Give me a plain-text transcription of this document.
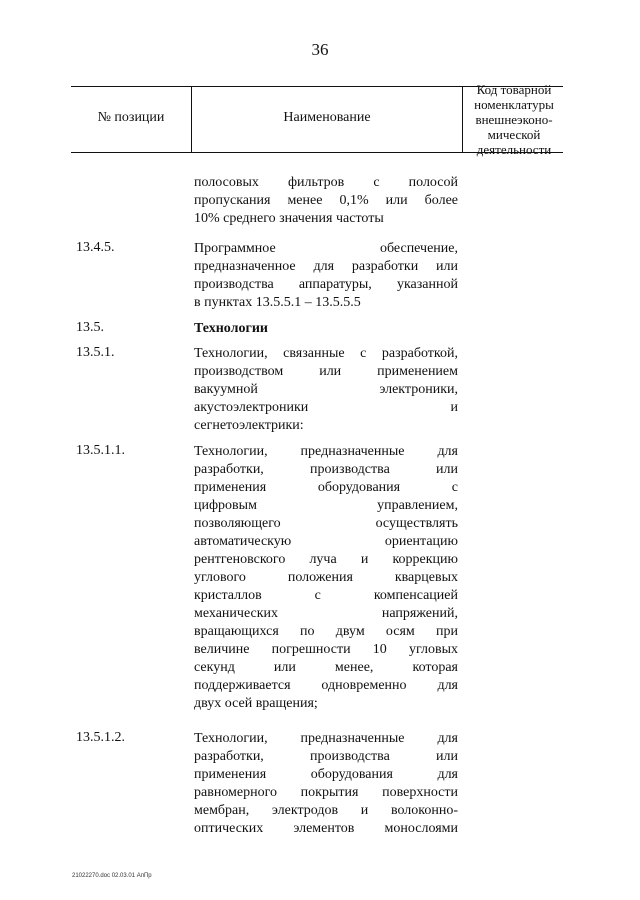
36
№ позиции	Наименование
Код товарной
номенклатуры
внешнеэконо-
мической
деятельности
полосовых фильтров с полосой
пропускания менее 0,1% или более
10% среднего значения частоты
13.4.5.	Программное обеспечение,
предназначенное для разработки или
производства аппаратуры, указанной
в пунктах 13.5.5.1 – 13.5.5.5
13.5.	Технологии
13.5.1.	Технологии, связанные с разработкой,
производством или применением
вакуумной электроники,
акустоэлектроники и
сегнетоэлектрики:
13.5.1.1.	Технологии, предназначенные для
разработки, производства или
применения оборудования с
цифровым управлением,
позволяющего осуществлять
автоматическую ориентацию
рентгеновского луча и коррекцию
углового положения кварцевых
кристаллов с компенсацией
механических напряжений,
вращающихся по двум осям при
величине погрешности 10 угловых
секунд или менее, которая
поддерживается одновременно для
двух осей вращения;
13.5.1.2.	Технологии, предназначенные для
разработки, производства или
применения оборудования для
равномерного покрытия поверхности
мембран, электродов и волоконно-
оптических элементов монослоями
21022270.doc 02.03.01 АпПр
